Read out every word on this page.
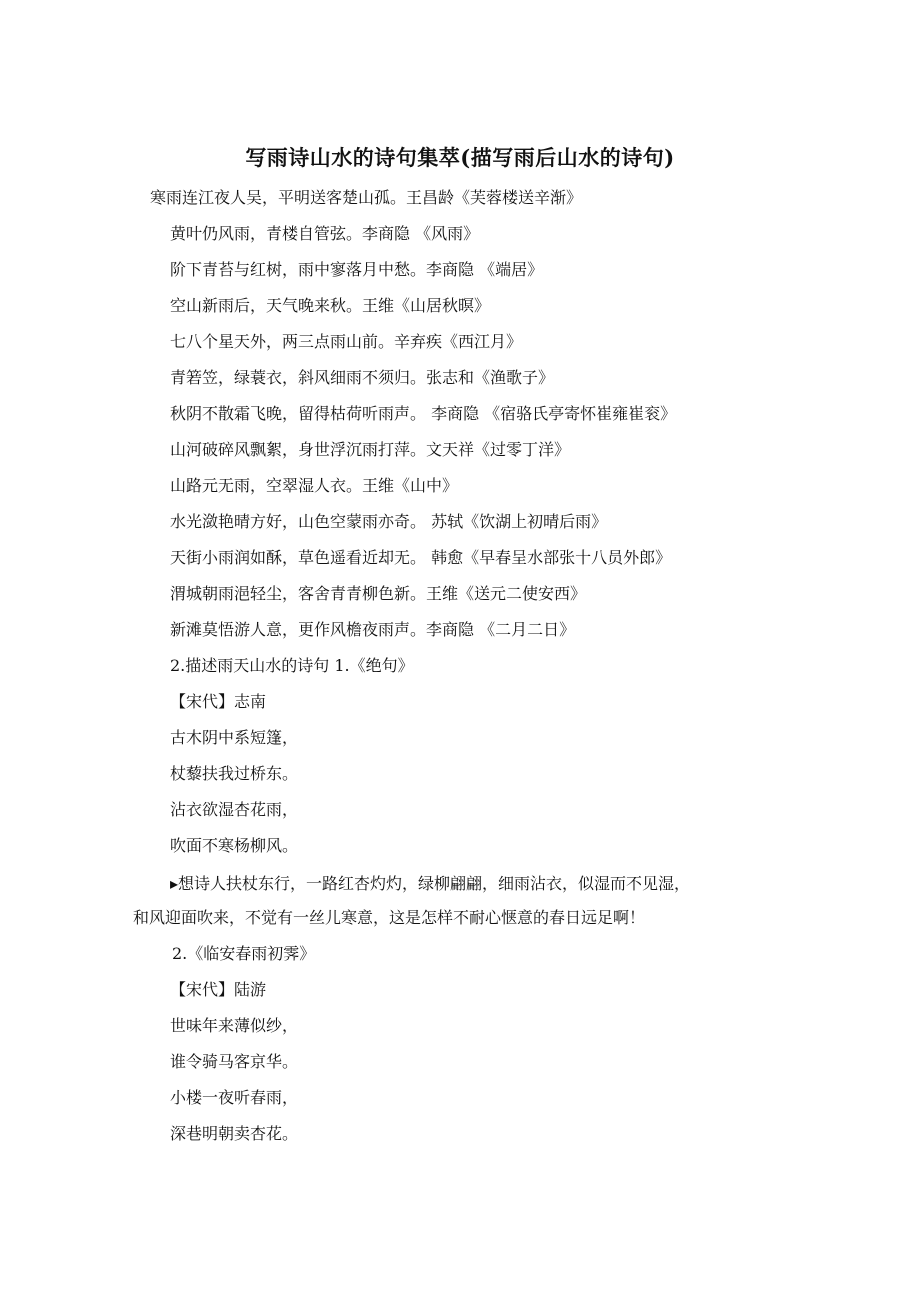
写雨诗山水的诗句集萃(描写雨后山水的诗句)
寒雨连江夜人吴，平明送客楚山孤。王昌龄《芙蓉楼送辛渐》
黄叶仍风雨，青楼自管弦。李商隐 《风雨》
阶下青苔与红树，雨中寥落月中愁。李商隐 《端居》
空山新雨后，天气晚来秋。王维《山居秋暝》
七八个星天外，两三点雨山前。辛弃疾《西江月》
青箬笠，绿蓑衣，斜风细雨不须归。张志和《渔歌子》
秋阴不散霜飞晚，留得枯荷听雨声。 李商隐 《宿骆氏亭寄怀崔雍崔衮》
山河破碎风飘絮，身世浮沉雨打萍。文天祥《过零丁洋》
山路元无雨，空翠湿人衣。王维《山中》
水光潋艳晴方好，山色空蒙雨亦奇。 苏轼《饮湖上初晴后雨》
天街小雨润如酥，草色遥看近却无。 韩愈《早春呈水部张十八员外郎》
渭城朝雨浥轻尘，客舍青青柳色新。王维《送元二使安西》
新滩莫悟游人意，更作风檐夜雨声。李商隐 《二月二日》
2.描述雨天山水的诗句 1.《绝句》
【宋代】志南
古木阴中系短篷，
杖藜扶我过桥东。
沾衣欲湿杏花雨，
吹面不寒杨柳风。
▸想诗人扶杖东行，一路红杏灼灼，绿柳翩翩，细雨沾衣，似湿而不见湿，
和风迎面吹来，不觉有一丝儿寒意，这是怎样不耐心惬意的春日远足啊！
2.《临安春雨初霁》
【宋代】陆游
世味年来薄似纱，
谁令骑马客京华。
小楼一夜听春雨，
深巷明朝卖杏花。
